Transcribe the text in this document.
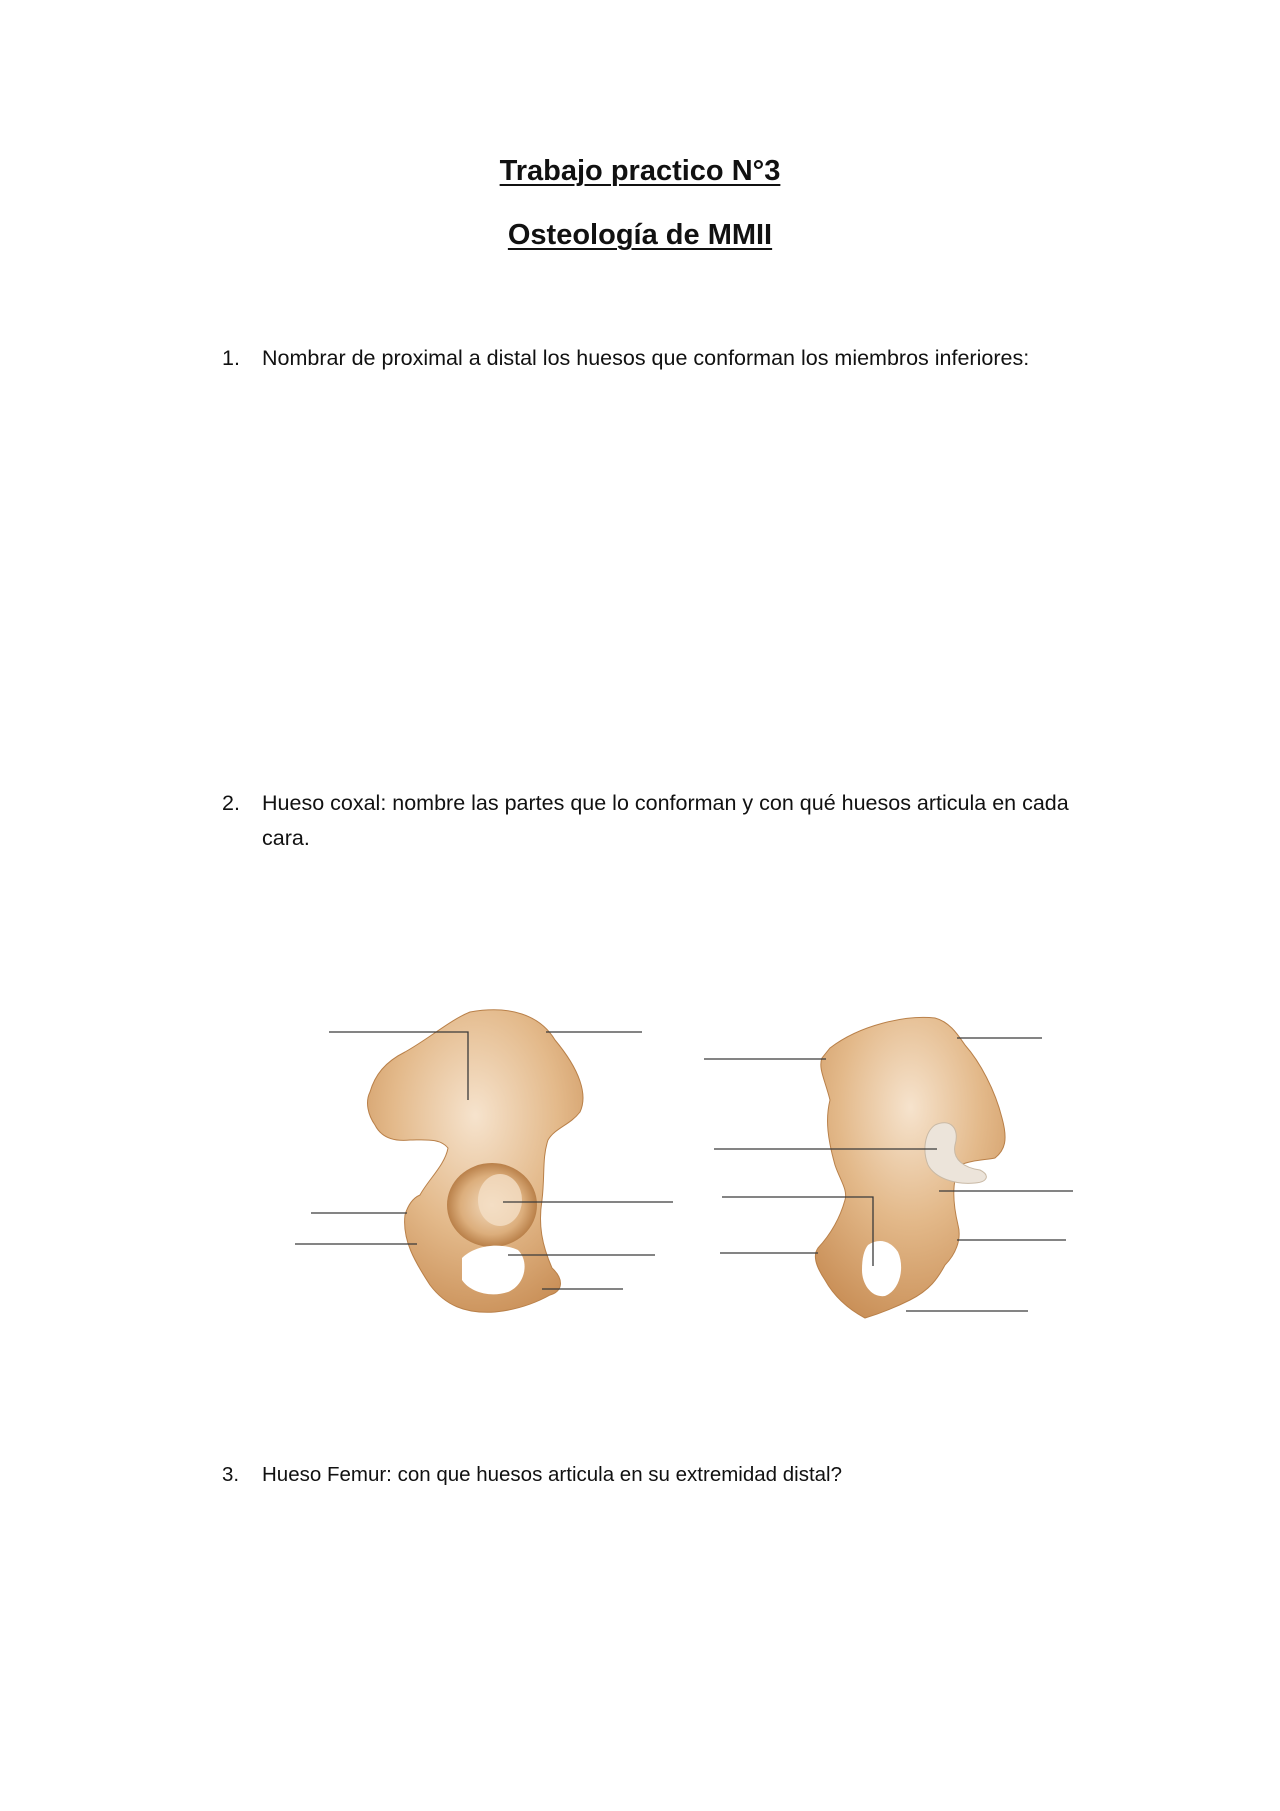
Trabajo practico N°3
Osteología de MMII
1. Nombrar de proximal a distal los huesos que conforman los miembros inferiores:
2. Hueso coxal: nombre las partes que lo conforman y con qué huesos articula en cada cara.
3. Hueso Femur: con que huesos articula en su extremidad distal?
